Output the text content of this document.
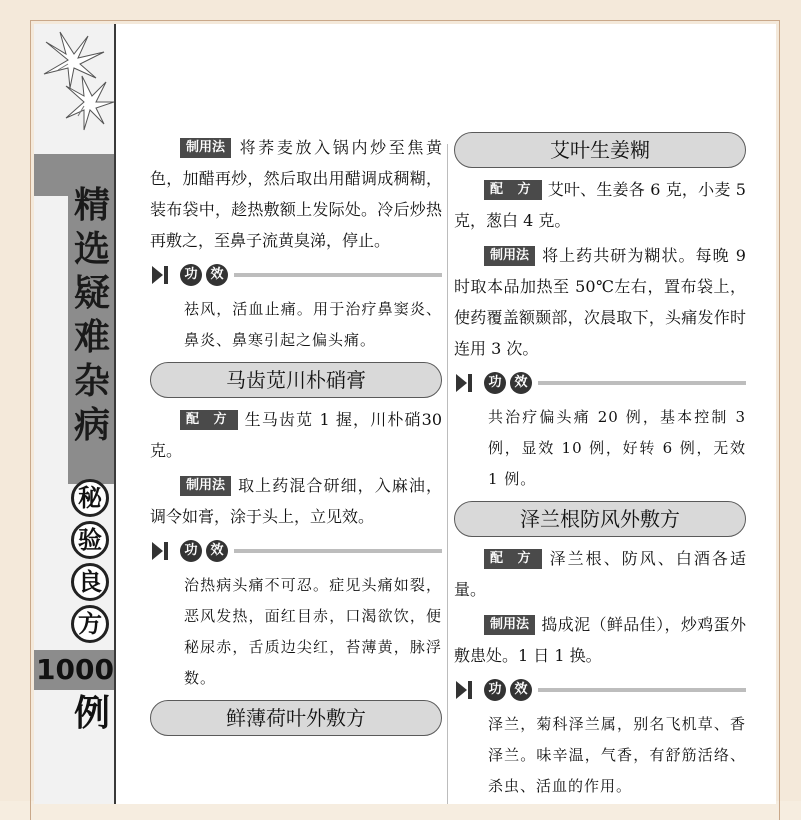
精
选
疑
难
杂
病
秘
验
良
方
1000
例
制用法 将荞麦放入锅内炒至焦黄色，加醋再炒，然后取出用醋调成稠糊，装布袋中，趁热敷额上发际处。冷后炒热再敷之，至鼻子流黄臭涕，停止。
功 效
祛风，活血止痛。用于治疗鼻窦炎、鼻炎、鼻寒引起之偏头痛。
马齿苋川朴硝膏
配 方 生马齿苋 1 握，川朴硝30 克。
制用法 取上药混合研细，入麻油，调令如膏，涂于头上，立见效。
功 效
治热病头痛不可忍。症见头痛如裂，恶风发热，面红目赤，口渴欲饮，便秘尿赤，舌质边尖红，苔薄黄，脉浮数。
鲜薄荷叶外敷方
艾叶生姜糊
配 方 艾叶、生姜各 6 克，小麦 5 克，葱白 4 克。
制用法 将上药共研为糊状。每晚 9 时取本品加热至 50℃左右，置布袋上，使药覆盖额颞部，次晨取下，头痛发作时连用 3 次。
功 效
共治疗偏头痛 20 例，基本控制 3 例，显效 10 例，好转 6 例，无效 1 例。
泽兰根防风外敷方
配 方 泽兰根、防风、白酒各适量。
制用法 捣成泥（鲜品佳），炒鸡蛋外敷患处。1 日 1 换。
功 效
泽兰，菊科泽兰属，别名飞机草、香泽兰。味辛温，气香，有舒筋活络、杀虫、活血的作用。
